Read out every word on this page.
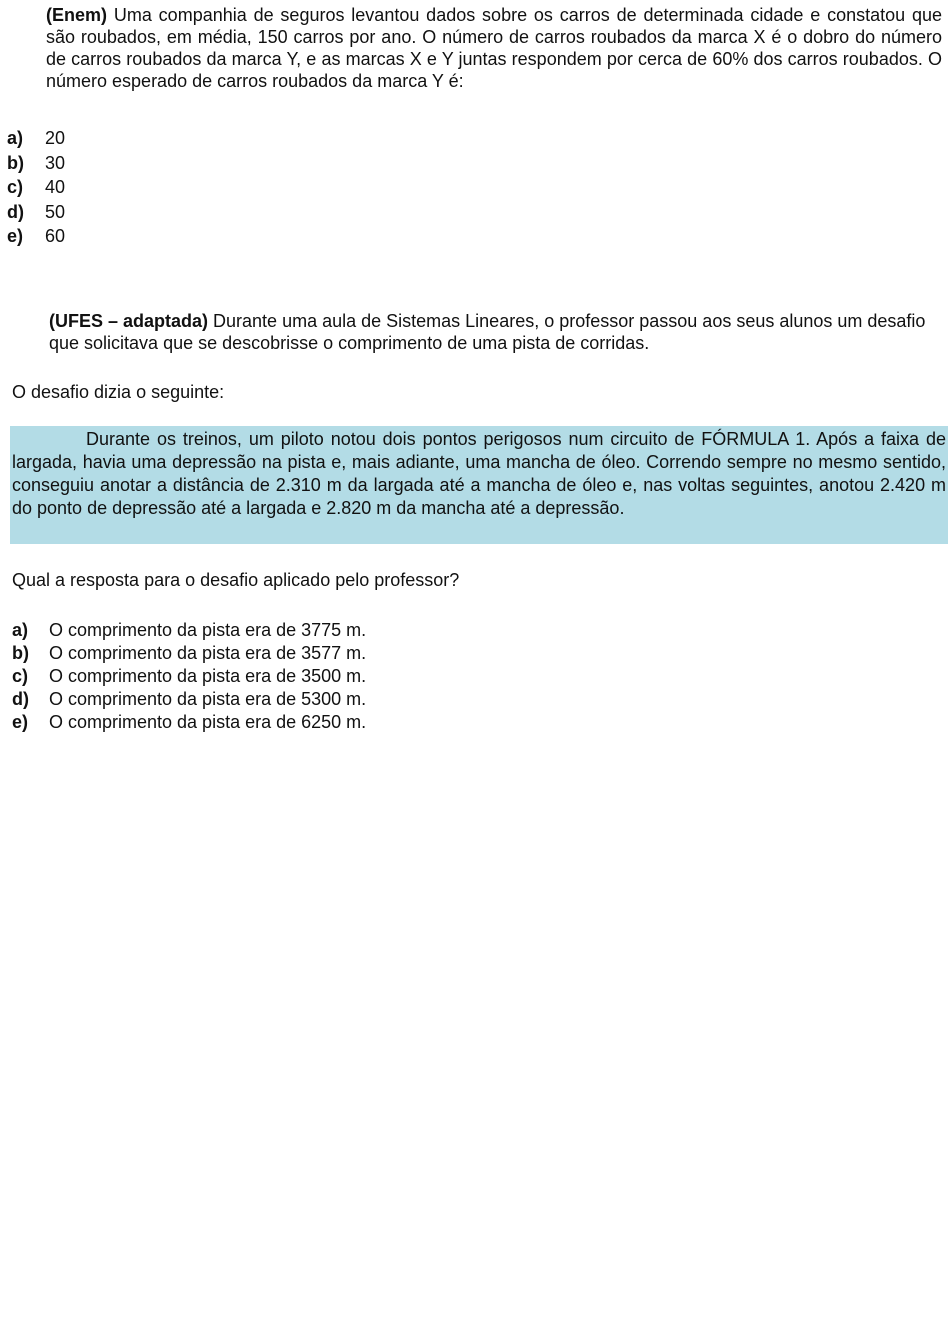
(Enem) Uma companhia de seguros levantou dados sobre os carros de determinada cidade e constatou que são roubados, em média, 150 carros por ano. O número de carros roubados da marca X é o dobro do número de carros roubados da marca Y, e as marcas X e Y juntas respondem por cerca de 60% dos carros roubados. O número esperado de carros roubados da marca Y é:
a)	20
b)	30
c)	40
d)	50
e)	60
(UFES – adaptada) Durante uma aula de Sistemas Lineares, o professor passou aos seus alunos um desafio que solicitava que se descobrisse o comprimento de uma pista de corridas.
O desafio dizia o seguinte:
Durante os treinos, um piloto notou dois pontos perigosos num circuito de FÓRMULA 1. Após a faixa de largada, havia uma depressão na pista e, mais adiante, uma mancha de óleo. Correndo sempre no mesmo sentido, conseguiu anotar a distância de 2.310 m da largada até a mancha de óleo e, nas voltas seguintes, anotou 2.420 m do ponto de depressão até a largada e 2.820 m da mancha até a depressão.
Qual a resposta para o desafio aplicado pelo professor?
a)	O comprimento da pista era de 3775 m.
b)	O comprimento da pista era de 3577 m.
c)	O comprimento da pista era de 3500 m.
d)	O comprimento da pista era de 5300 m.
e)	O comprimento da pista era de 6250 m.
